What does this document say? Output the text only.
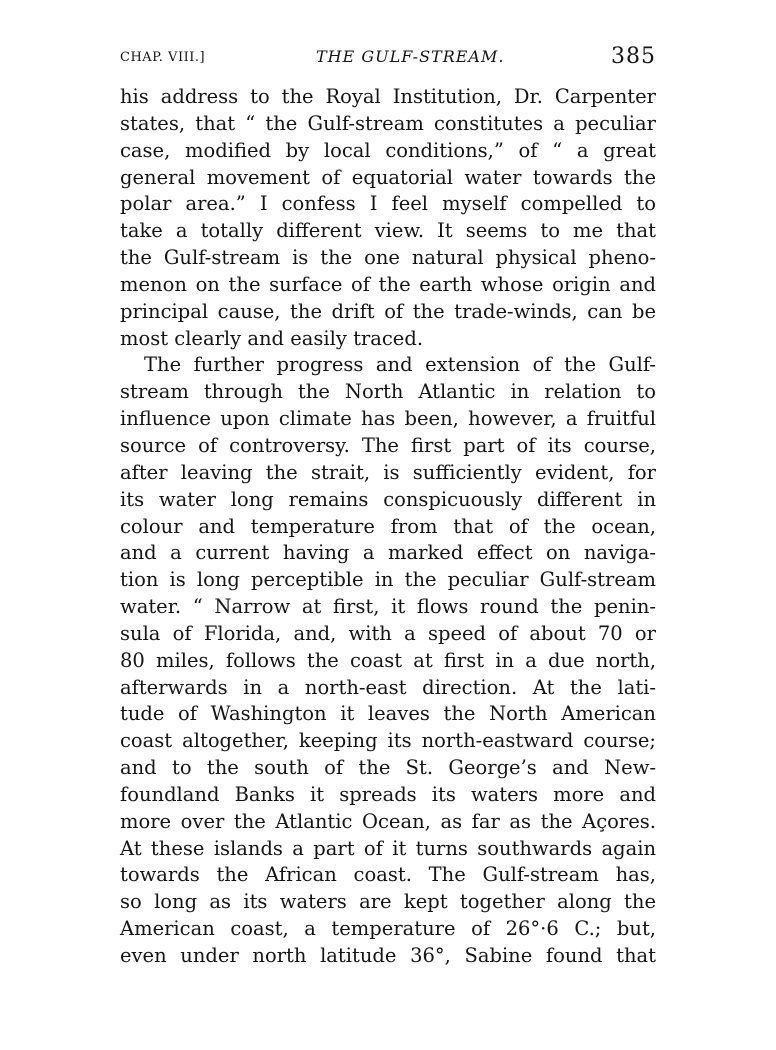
CHAP. VIII.]	THE GULF-STREAM.	385
his address to the Royal Institution, Dr. Carpenter
states, that “ the Gulf-stream constitutes a peculiar
case, modified by local conditions,” of “ a great
general movement of equatorial water towards the
polar area.” I confess I feel myself compelled to
take a totally different view. It seems to me that
the Gulf-stream is the one natural physical pheno-
menon on the surface of the earth whose origin and
principal cause, the drift of the trade-winds, can be
most clearly and easily traced.
The further progress and extension of the Gulf-
stream through the North Atlantic in relation to
influence upon climate has been, however, a fruitful
source of controversy. The first part of its course,
after leaving the strait, is sufficiently evident, for
its water long remains conspicuously different in
colour and temperature from that of the ocean,
and a current having a marked effect on naviga-
tion is long perceptible in the peculiar Gulf-stream
water. “ Narrow at first, it flows round the penin-
sula of Florida, and, with a speed of about 70 or
80 miles, follows the coast at first in a due north,
afterwards in a north-east direction. At the lati-
tude of Washington it leaves the North American
coast altogether, keeping its north-eastward course;
and to the south of the St. George’s and New-
foundland Banks it spreads its waters more and
more over the Atlantic Ocean, as far as the Açores.
At these islands a part of it turns southwards again
towards the African coast. The Gulf-stream has,
so long as its waters are kept together along the
American coast, a temperature of 26°·6 C.; but,
even under north latitude 36°, Sabine found that
